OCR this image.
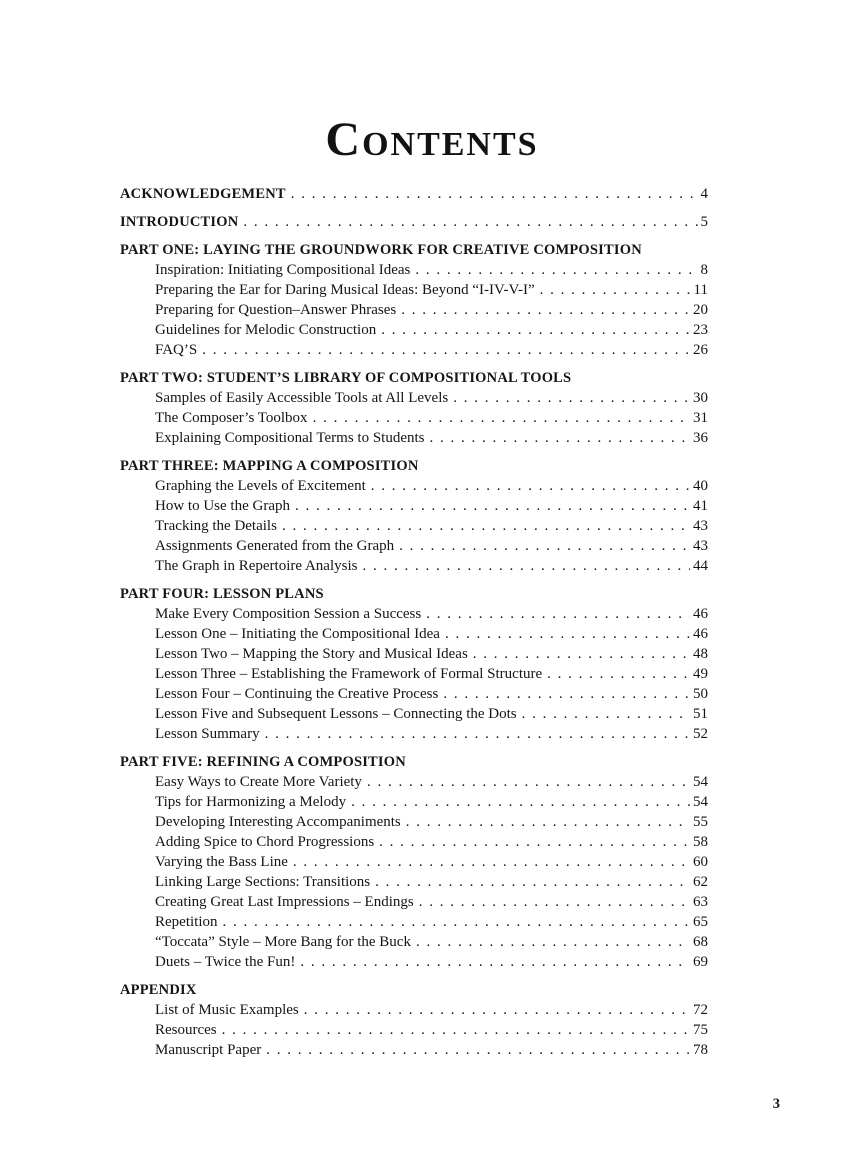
Contents
ACKNOWLEDGEMENT . . .	4
INTRODUCTION . . .	5
PART ONE: LAYING THE GROUNDWORK FOR CREATIVE COMPOSITION
Inspiration: Initiating Compositional Ideas . . .	8
Preparing the Ear for Daring Musical Ideas: Beyond “I-IV-V-I” . . .	11
Preparing for Question–Answer Phrases . . .	20
Guidelines for Melodic Construction . . .	23
FAQ’S . . .	26
PART TWO: STUDENT’S LIBRARY OF COMPOSITIONAL TOOLS
Samples of Easily Accessible Tools at All Levels . . .	30
The Composer’s Toolbox . . .	31
Explaining Compositional Terms to Students . . .	36
PART THREE: MAPPING A COMPOSITION
Graphing the Levels of Excitement . . .	40
How to Use the Graph . . .	41
Tracking the Details . . .	43
Assignments Generated from the Graph . . .	43
The Graph in Repertoire Analysis . . .	44
PART FOUR: LESSON PLANS
Make Every Composition Session a Success . . .	46
Lesson One – Initiating the Compositional Idea . . .	46
Lesson Two – Mapping the Story and Musical Ideas . . .	48
Lesson Three – Establishing the Framework of Formal Structure . . .	49
Lesson Four – Continuing the Creative Process . . .	50
Lesson Five and Subsequent Lessons – Connecting the Dots . . .	51
Lesson Summary . . .	52
PART FIVE: REFINING A COMPOSITION
Easy Ways to Create More Variety . . .	54
Tips for Harmonizing a Melody . . .	54
Developing Interesting Accompaniments . . .	55
Adding Spice to Chord Progressions . . .	58
Varying the Bass Line . . .	60
Linking Large Sections: Transitions . . .	62
Creating Great Last Impressions – Endings . . .	63
Repetition . . .	65
“Toccata” Style – More Bang for the Buck . . .	68
Duets – Twice the Fun! . . .	69
APPENDIX
List of Music Examples . . .	72
Resources . . .	75
Manuscript Paper . . .	78
3
